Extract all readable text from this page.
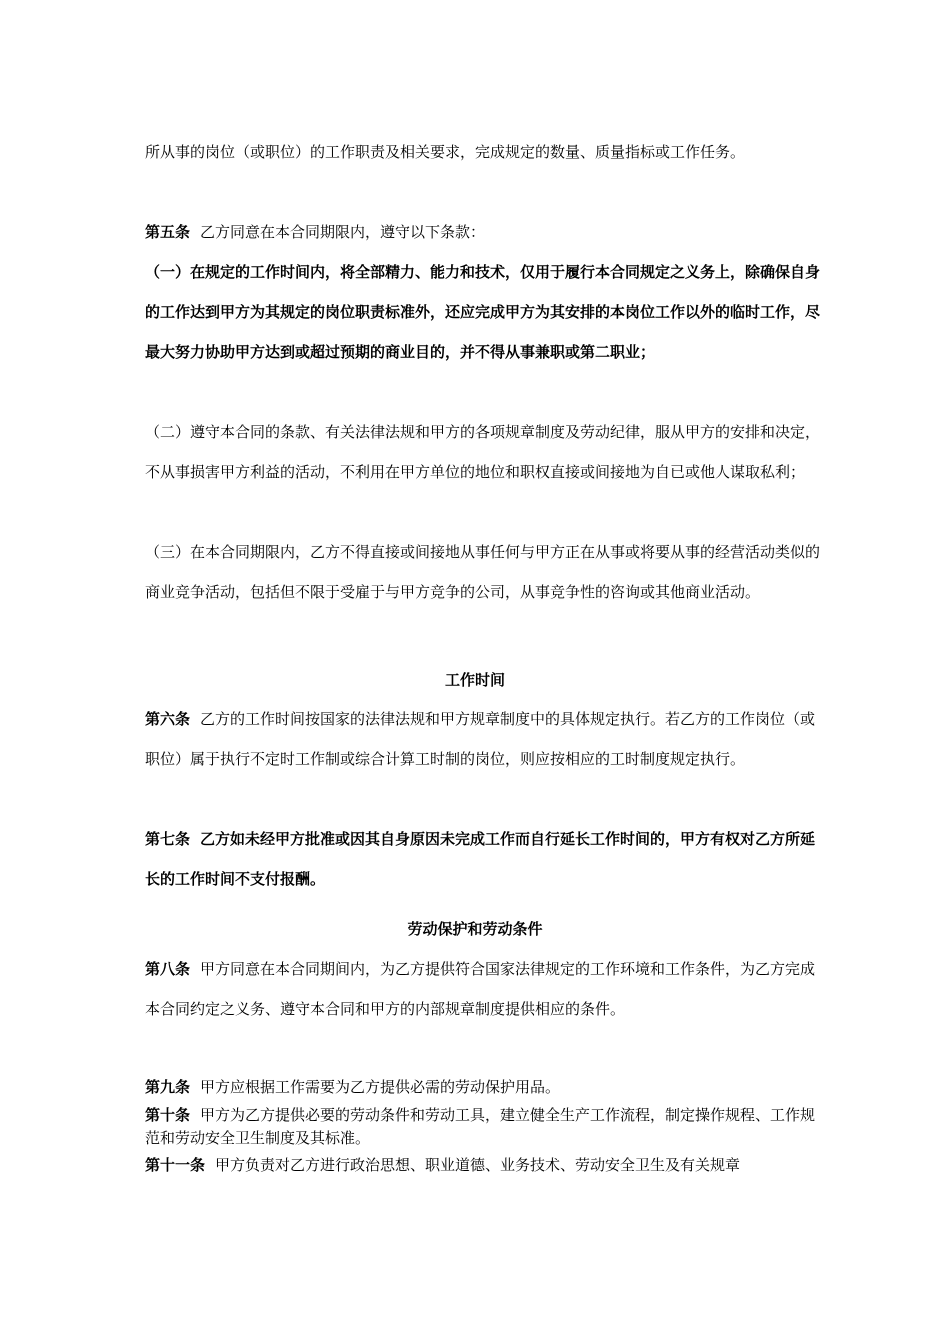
所从事的岗位（或职位）的工作职责及相关要求，完成规定的数量、质量指标或工作任务。
第五条 乙方同意在本合同期限内，遵守以下条款：
（一）在规定的工作时间内，将全部精力、能力和技术，仅用于履行本合同规定之义务上，除确保自身的工作达到甲方为其规定的岗位职责标准外，还应完成甲方为其安排的本岗位工作以外的临时工作，尽最大努力协助甲方达到或超过预期的商业目的，并不得从事兼职或第二职业；
（二）遵守本合同的条款、有关法律法规和甲方的各项规章制度及劳动纪律，服从甲方的安排和决定，不从事损害甲方利益的活动，不利用在甲方单位的地位和职权直接或间接地为自已或他人谋取私利；
（三）在本合同期限内，乙方不得直接或间接地从事任何与甲方正在从事或将要从事的经营活动类似的商业竞争活动，包括但不限于受雇于与甲方竞争的公司，从事竞争性的咨询或其他商业活动。
工作时间
第六条 乙方的工作时间按国家的法律法规和甲方规章制度中的具体规定执行。若乙方的工作岗位（或职位）属于执行不定时工作制或综合计算工时制的岗位，则应按相应的工时制度规定执行。
第七条 乙方如未经甲方批准或因其自身原因未完成工作而自行延长工作时间的，甲方有权对乙方所延长的工作时间不支付报酬。
劳动保护和劳动条件
第八条 甲方同意在本合同期间内，为乙方提供符合国家法律规定的工作环境和工作条件，为乙方完成本合同约定之义务、遵守本合同和甲方的内部规章制度提供相应的条件。
第九条 甲方应根据工作需要为乙方提供必需的劳动保护用品。
第十条 甲方为乙方提供必要的劳动条件和劳动工具，建立健全生产工作流程，制定操作规程、工作规范和劳动安全卫生制度及其标准。
第十一条 甲方负责对乙方进行政治思想、职业道德、业务技术、劳动安全卫生及有关规章
